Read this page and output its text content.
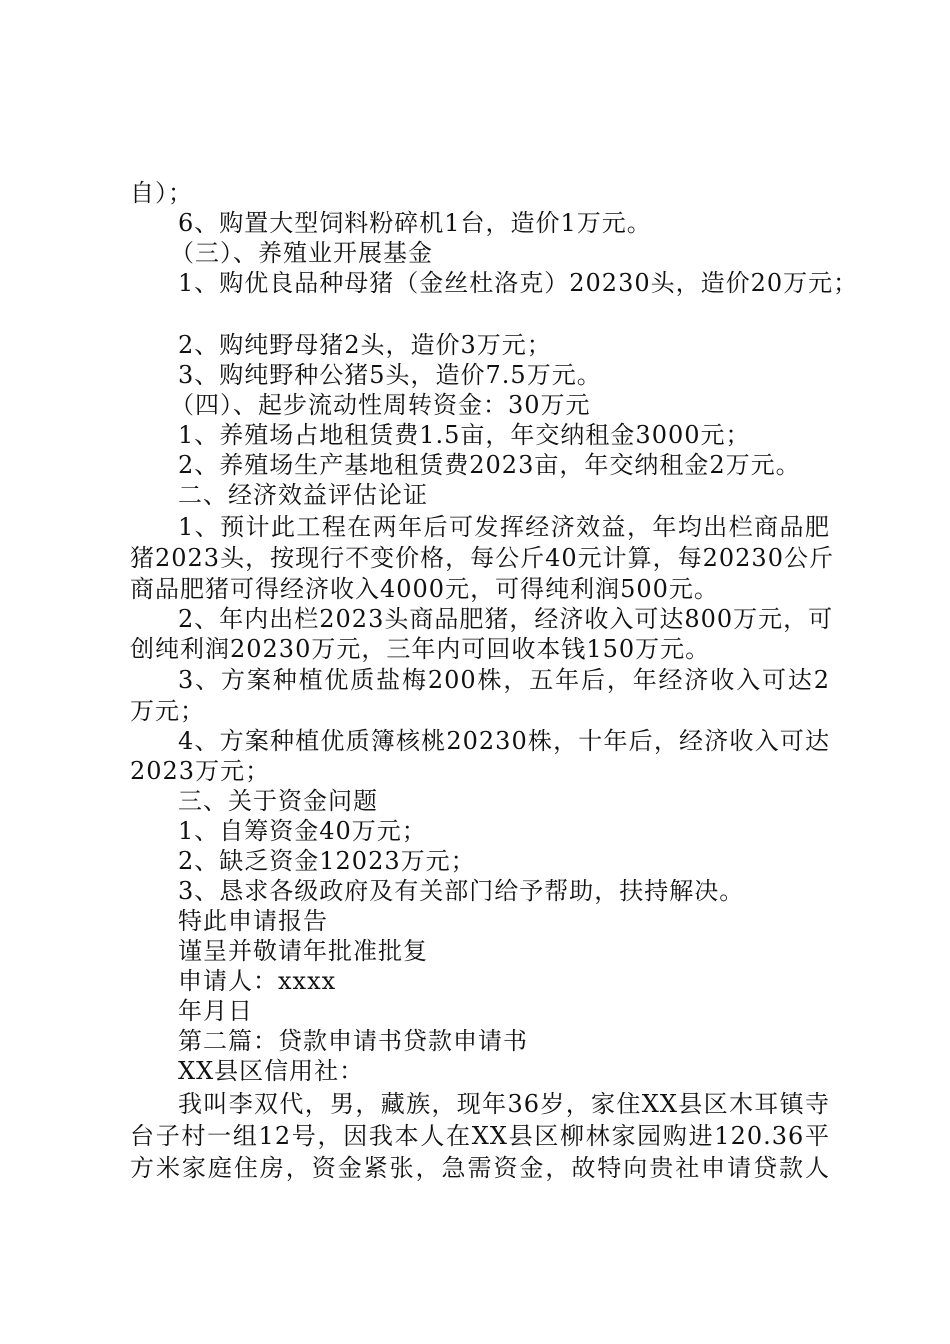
自）；
6、购置大型饲料粉碎机1台，造价1万元。
（三）、养殖业开展基金
1、购优良品种母猪（金丝杜洛克）20230头，造价20万元；
2、购纯野母猪2头，造价3万元；
3、购纯野种公猪5头，造价7.5万元。
（四）、起步流动性周转资金：30万元
1、养殖场占地租赁费1.5亩，年交纳租金3000元；
2、养殖场生产基地租赁费2023亩，年交纳租金2万元。
二、经济效益评估论证
1、预计此工程在两年后可发挥经济效益，年均出栏商品肥
猪2023头，按现行不变价格，每公斤40元计算，每20230公斤
商品肥猪可得经济收入4000元，可得纯利润500元。
2、年内出栏2023头商品肥猪，经济收入可达800万元，可
创纯利润20230万元，三年内可回收本钱150万元。
3、方案种植优质盐梅200株，五年后，年经济收入可达2
万元；
4、方案种植优质簿核桃20230株，十年后，经济收入可达
2023万元；
三、关于资金问题
1、自筹资金40万元；
2、缺乏资金12023万元；
3、恳求各级政府及有关部门给予帮助，扶持解决。
特此申请报告
谨呈并敬请年批准批复
申请人：xxxx
年月日
第二篇：贷款申请书贷款申请书
XX县区信用社：
我叫李双代，男，藏族，现年36岁，家住XX县区木耳镇寺
台子村一组12号，因我本人在XX县区柳林家园购进120.36平
方米家庭住房，资金紧张，急需资金，故特向贵社申请贷款人
